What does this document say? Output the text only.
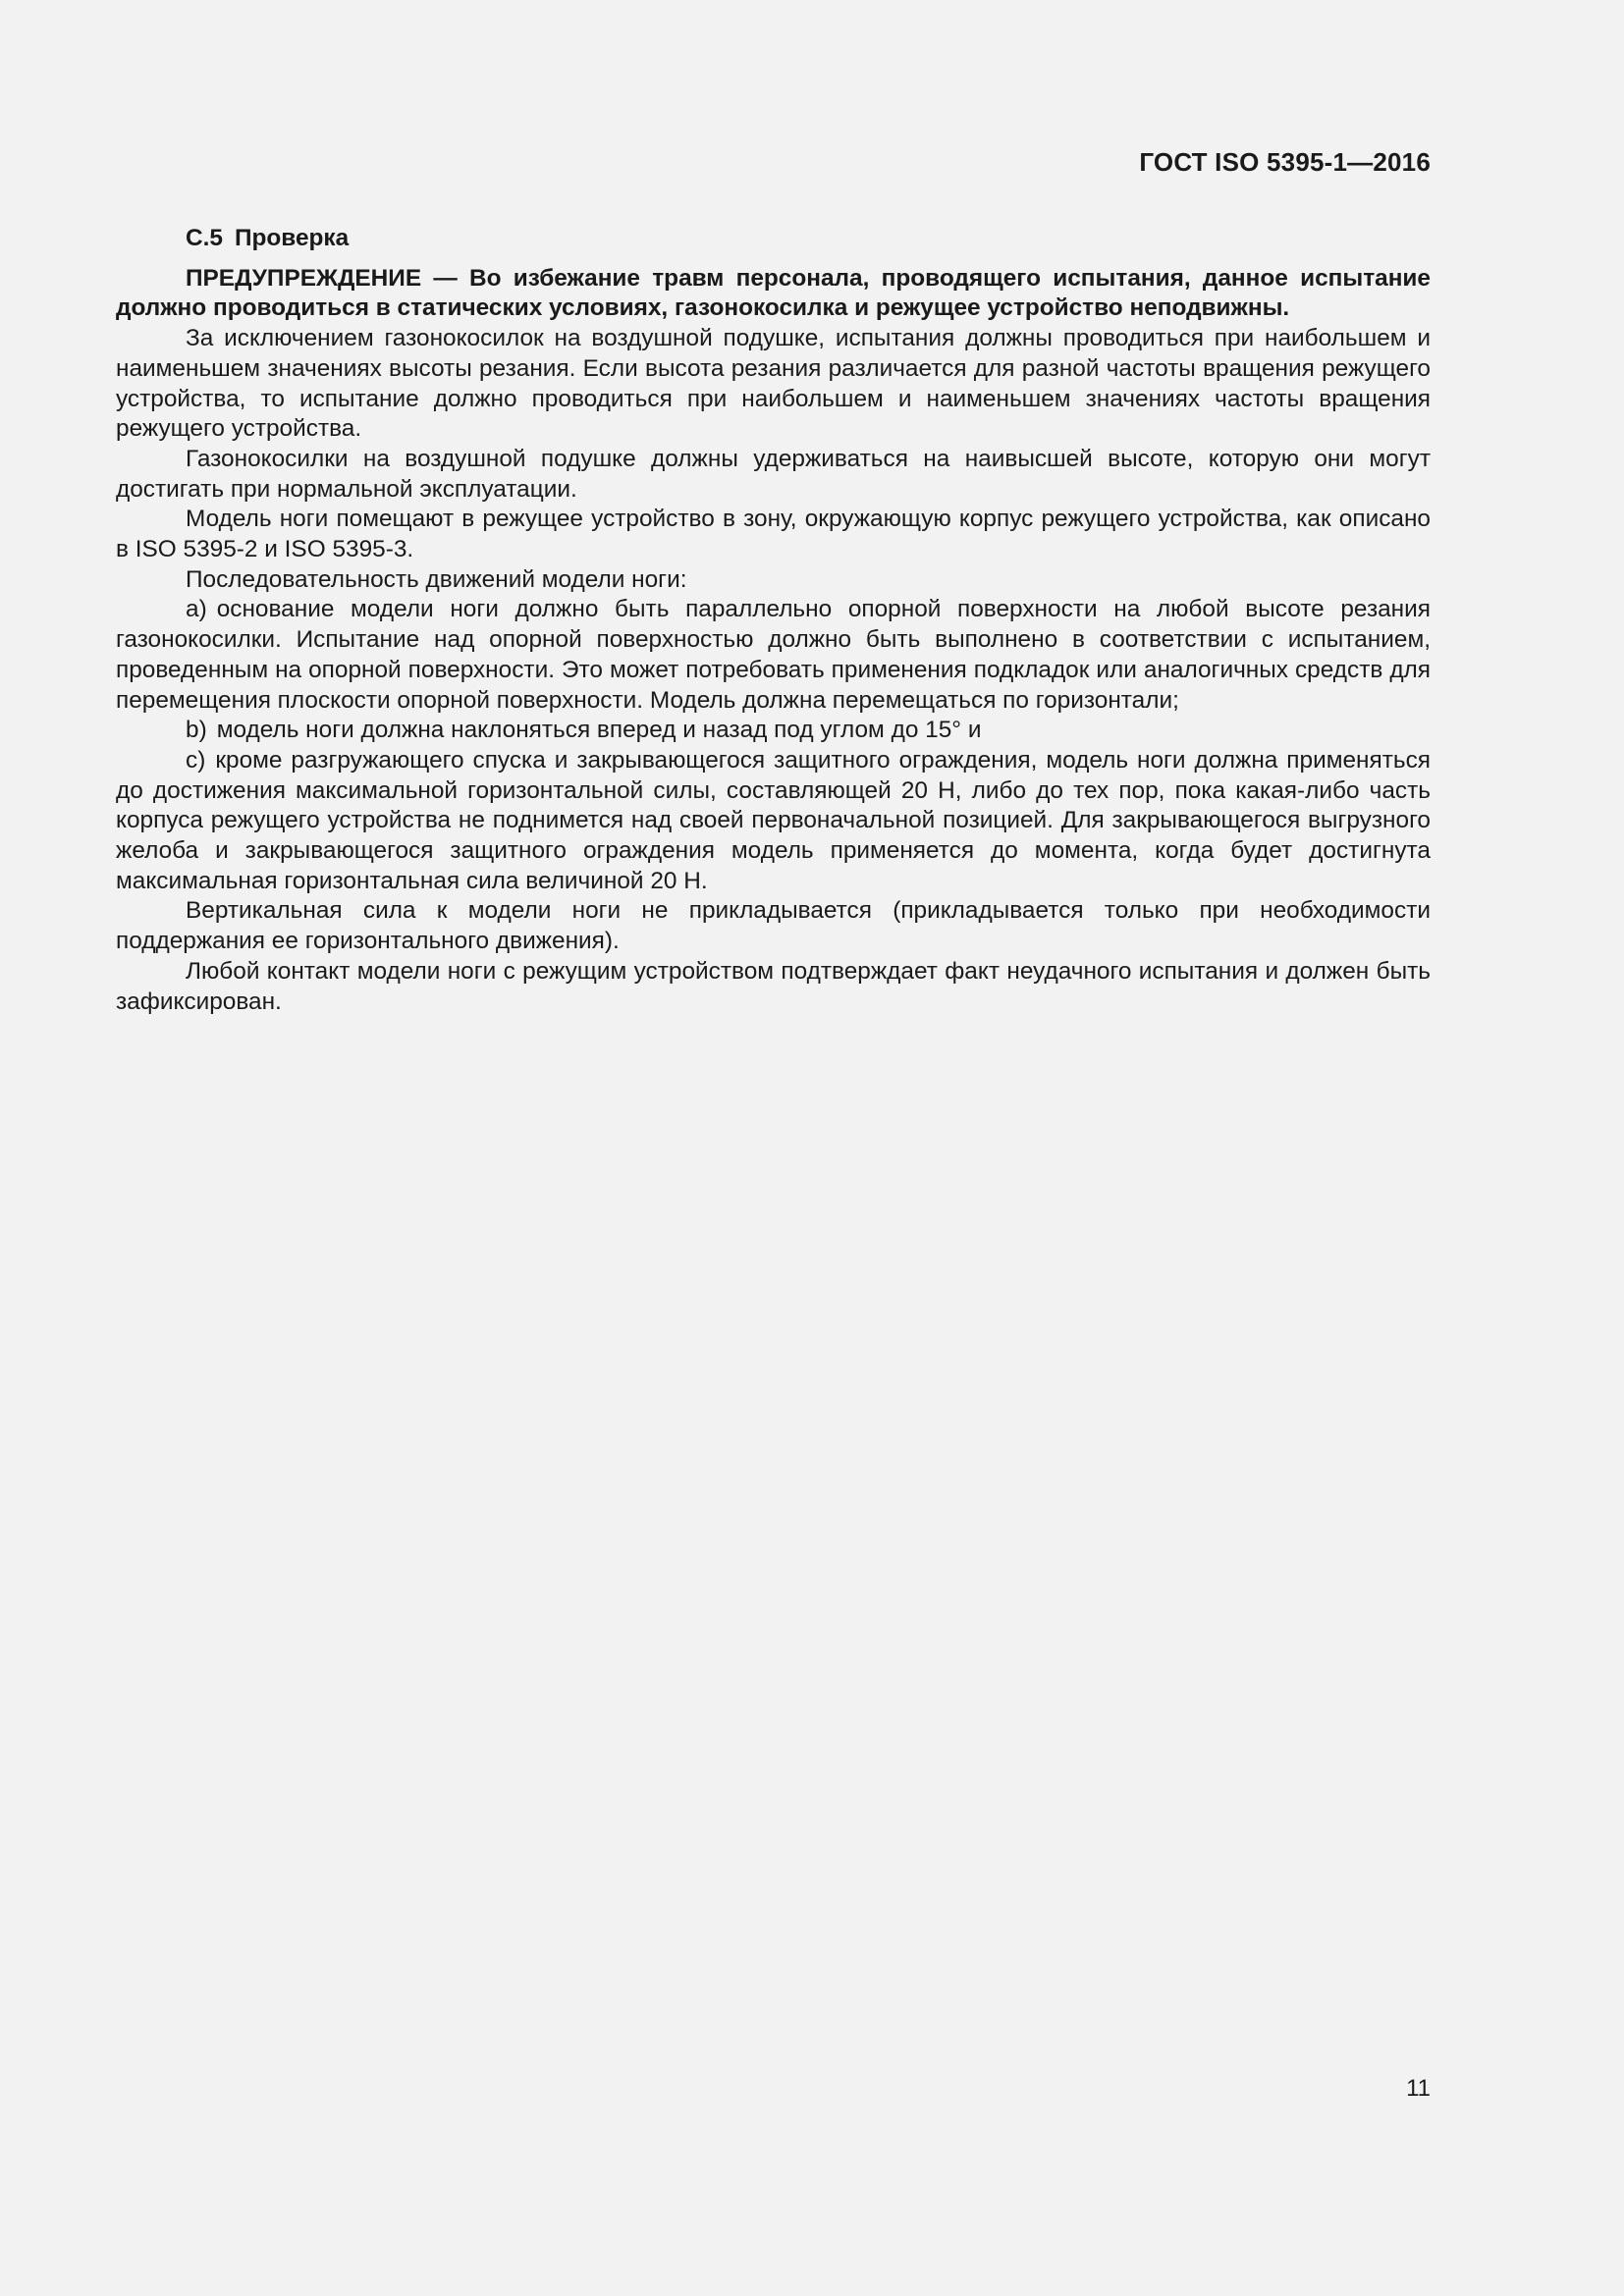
ГОСТ ISO 5395-1—2016
C.5 Проверка

ПРЕДУПРЕЖДЕНИЕ — Во избежание травм персонала, проводящего испытания, данное испытание должно проводиться в статических условиях, газонокосилка и режущее устройство неподвижны.

За исключением газонокосилок на воздушной подушке, испытания должны проводиться при наибольшем и наименьшем значениях высоты резания. Если высота резания различается для разной частоты вращения режущего устройства, то испытание должно проводиться при наибольшем и наименьшем значениях частоты вращения режущего устройства.

Газонокосилки на воздушной подушке должны удерживаться на наивысшей высоте, которую они могут достигать при нормальной эксплуатации.

Модель ноги помещают в режущее устройство в зону, окружающую корпус режущего устройства, как описано в ISO 5395-2 и ISO 5395-3.

Последовательность движений модели ноги:

a) основание модели ноги должно быть параллельно опорной поверхности на любой высоте резания газонокосилки. Испытание над опорной поверхностью должно быть выполнено в соответствии с испытанием, проведенным на опорной поверхности. Это может потребовать применения подкладок или аналогичных средств для перемещения плоскости опорной поверхности. Модель должна перемещаться по горизонтали;

b) модель ноги должна наклоняться вперед и назад под углом до 15° и

c) кроме разгружающего спуска и закрывающегося защитного ограждения, модель ноги должна применяться до достижения максимальной горизонтальной силы, составляющей 20 Н, либо до тех пор, пока какая-либо часть корпуса режущего устройства не поднимется над своей первоначальной позицией. Для закрывающегося выгрузного желоба и закрывающегося защитного ограждения модель применяется до момента, когда будет достигнута максимальная горизонтальная сила величиной 20 Н.

Вертикальная сила к модели ноги не прикладывается (прикладывается только при необходимости поддержания ее горизонтального движения).

Любой контакт модели ноги с режущим устройством подтверждает факт неудачного испытания и должен быть зафиксирован.

11
